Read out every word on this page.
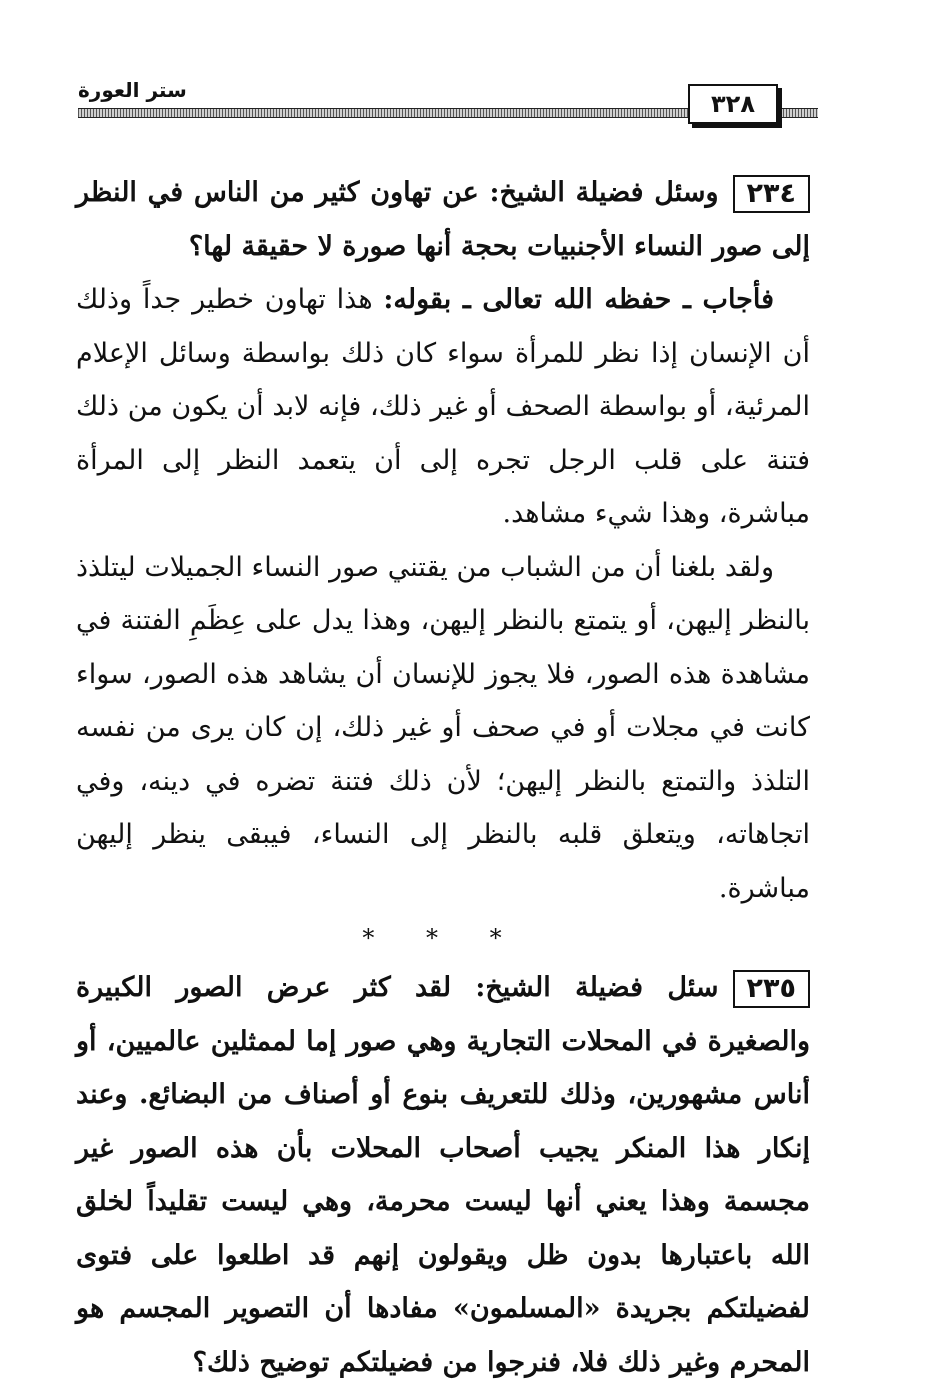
ستر العورة	٣٢٨

٢٣٤وسئل فضيلة الشيخ: عن تهاون كثير من الناس في النظر إلى صور النساء الأجنبيات بحجة أنها صورة لا حقيقة لها؟

فأجاب ـ حفظه الله تعالى ـ بقوله: هذا تهاون خطير جداً وذلك أن الإنسان إذا نظر للمرأة سواء كان ذلك بواسطة وسائل الإعلام المرئية، أو بواسطة الصحف أو غير ذلك، فإنه لابد أن يكون من ذلك فتنة على قلب الرجل تجره إلى أن يتعمد النظر إلى المرأة مباشرة، وهذا شيء مشاهد.

ولقد بلغنا أن من الشباب من يقتني صور النساء الجميلات ليتلذذ بالنظر إليهن، أو يتمتع بالنظر إليهن، وهذا يدل على عِظَمِ الفتنة في مشاهدة هذه الصور، فلا يجوز للإنسان أن يشاهد هذه الصور، سواء كانت في مجلات أو في صحف أو غير ذلك، إن كان يرى من نفسه التلذذ والتمتع بالنظر إليهن؛ لأن ذلك فتنة تضره في دينه، وفي اتجاهاته، ويتعلق قلبه بالنظر إلى النساء، فيبقى ينظر إليهن مباشرة.

* * *

٢٣٥سئل فضيلة الشيخ: لقد كثر عرض الصور الكبيرة والصغيرة في المحلات التجارية وهي صور إما لممثلين عالميين، أو أناس مشهورين، وذلك للتعريف بنوع أو أصناف من البضائع. وعند إنكار هذا المنكر يجيب أصحاب المحلات بأن هذه الصور غير مجسمة وهذا يعني أنها ليست محرمة، وهي ليست تقليداً لخلق الله باعتبارها بدون ظل ويقولون إنهم قد اطلعوا على فتوى لفضيلتكم بجريدة «المسلمون» مفادها أن التصوير المجسم هو المحرم وغير ذلك فلا، فنرجوا من فضيلتكم توضيح ذلك؟
